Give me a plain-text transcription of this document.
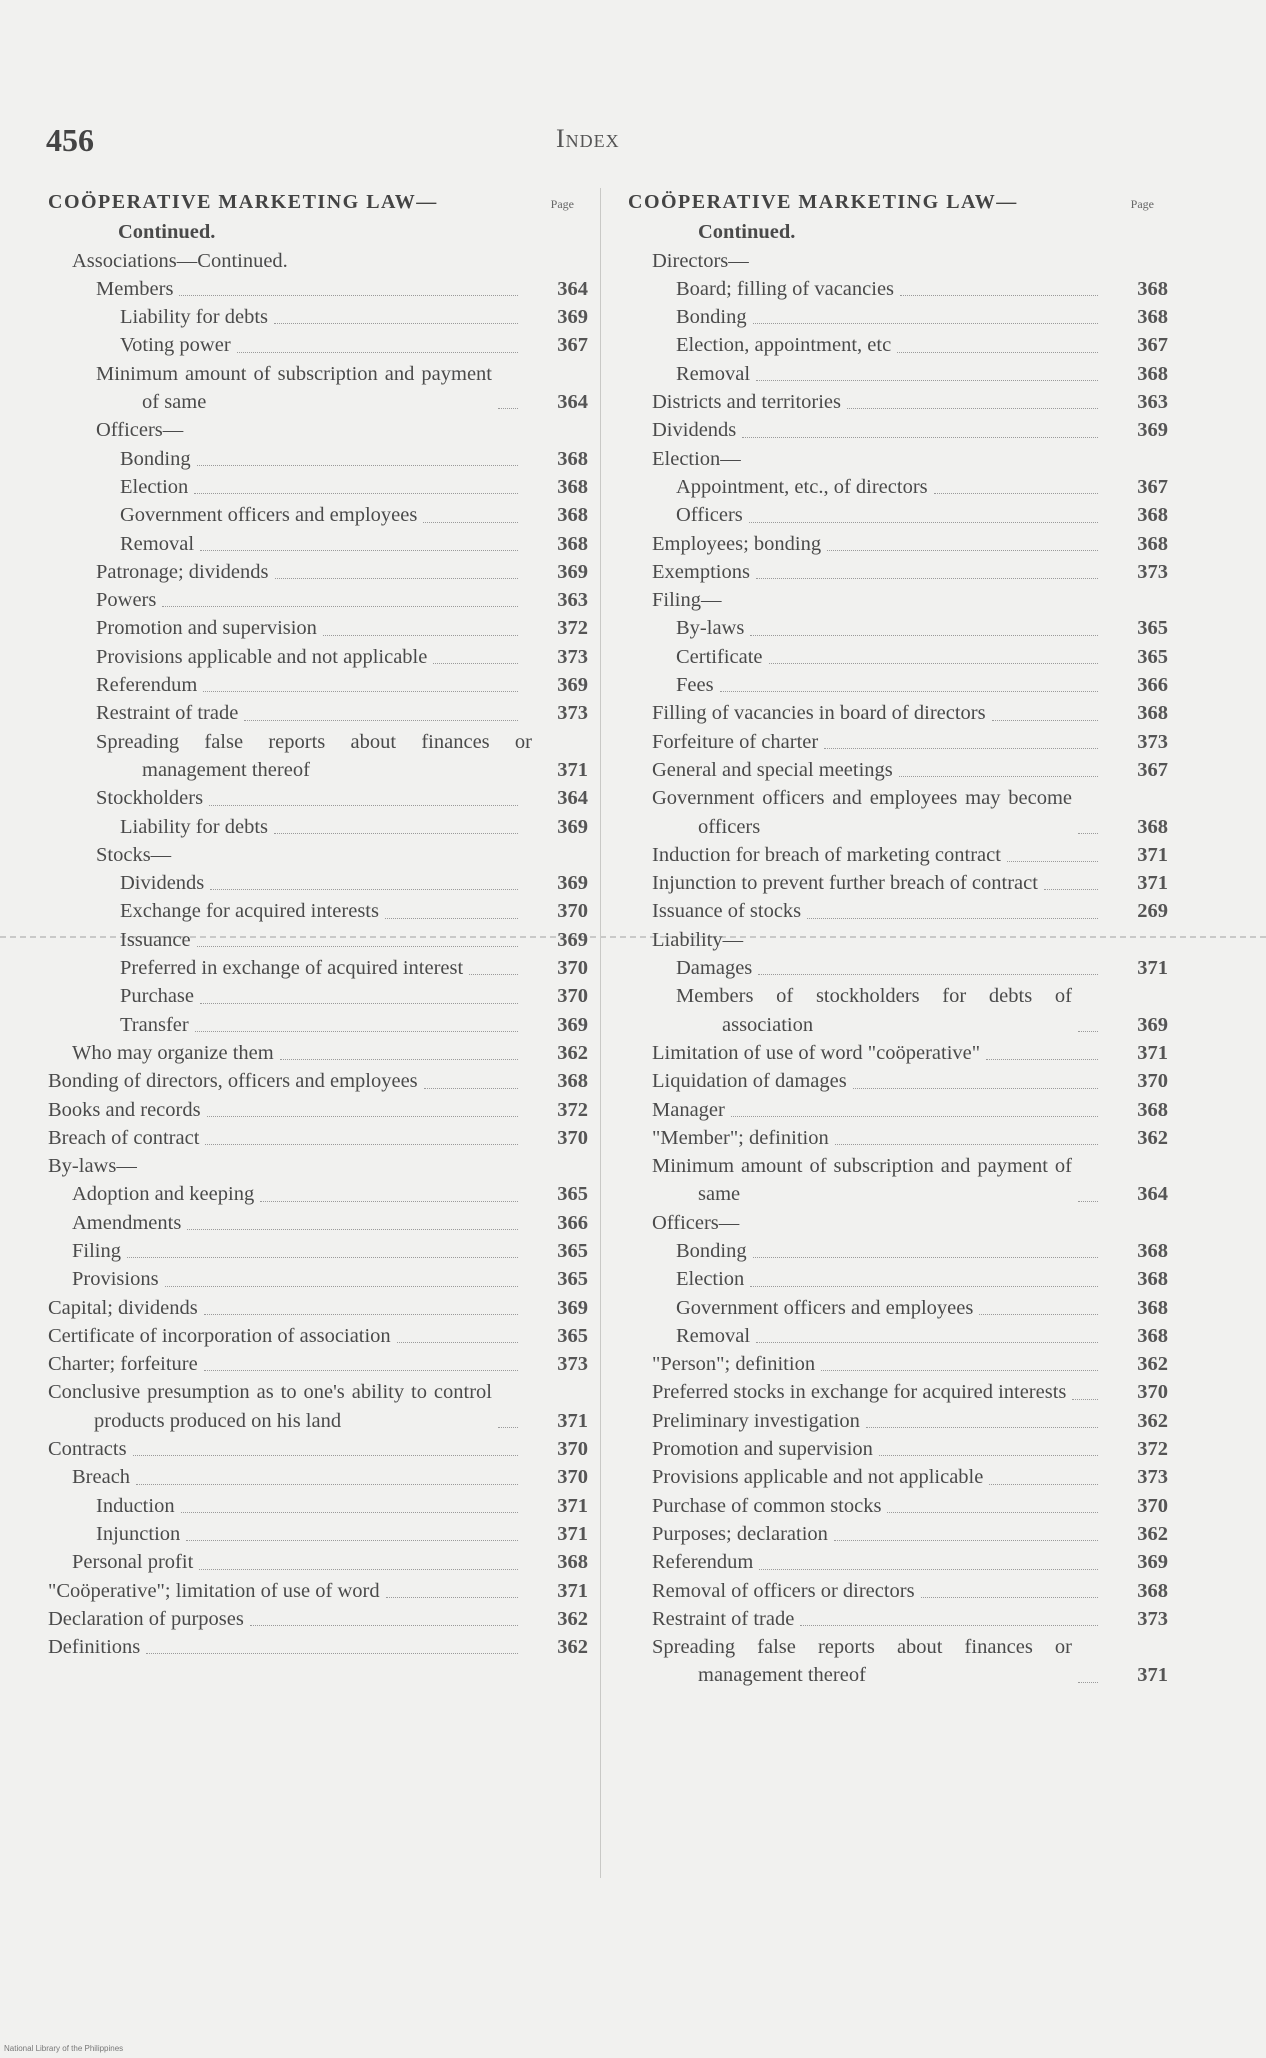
456	Index
COÖPERATIVE MARKETING LAW—	Page
Continued.
Associations—Continued.
Members	364
Liability for debts	369
Voting power	367
Minimum amount of subscription and payment of same	364
Officers—
Bonding	368
Election	368
Government officers and employees	368
Removal	368
Patronage; dividends	369
Powers	363
Promotion and supervision	372
Provisions applicable and not applicable	373
Referendum	369
Restraint of trade	373
Spreading false reports about finances or management thereof	371
Stockholders	364
Liability for debts	369
Stocks—
Dividends	369
Exchange for acquired interests	370
Issuance	369
Preferred in exchange of acquired interest	370
Purchase	370
Transfer	369
Who may organize them	362
Bonding of directors, officers and employees	368
Books and records	372
Breach of contract	370
By-laws—
Adoption and keeping	365
Amendments	366
Filing	365
Provisions	365
Capital; dividends	369
Certificate of incorporation of association	365
Charter; forfeiture	373
Conclusive presumption as to one's ability to control products produced on his land	371
Contracts	370
Breach	370
Induction	371
Injunction	371
Personal profit	368
"Coöperative"; limitation of use of word	371
Declaration of purposes	362
Definitions	362
COÖPERATIVE MARKETING LAW—	Page
Continued.
Directors—
Board; filling of vacancies	368
Bonding	368
Election, appointment, etc	367
Removal	368
Districts and territories	363
Dividends	369
Election—
Appointment, etc., of directors	367
Officers	368
Employees; bonding	368
Exemptions	373
Filing—
By-laws	365
Certificate	365
Fees	366
Filling of vacancies in board of directors	368
Forfeiture of charter	373
General and special meetings	367
Government officers and employees may become officers	368
Induction for breach of marketing contract	371
Injunction to prevent further breach of contract	371
Issuance of stocks	269
Liability—
Damages	371
Members of stockholders for debts of association	369
Limitation of use of word "coöperative"	371
Liquidation of damages	370
Manager	368
"Member"; definition	362
Minimum amount of subscription and payment of same	364
Officers—
Bonding	368
Election	368
Government officers and employees	368
Removal	368
"Person"; definition	362
Preferred stocks in exchange for acquired interests	370
Preliminary investigation	362
Promotion and supervision	372
Provisions applicable and not applicable	373
Purchase of common stocks	370
Purposes; declaration	362
Referendum	369
Removal of officers or directors	368
Restraint of trade	373
Spreading false reports about finances or management thereof	371
National Library of the Philippines
